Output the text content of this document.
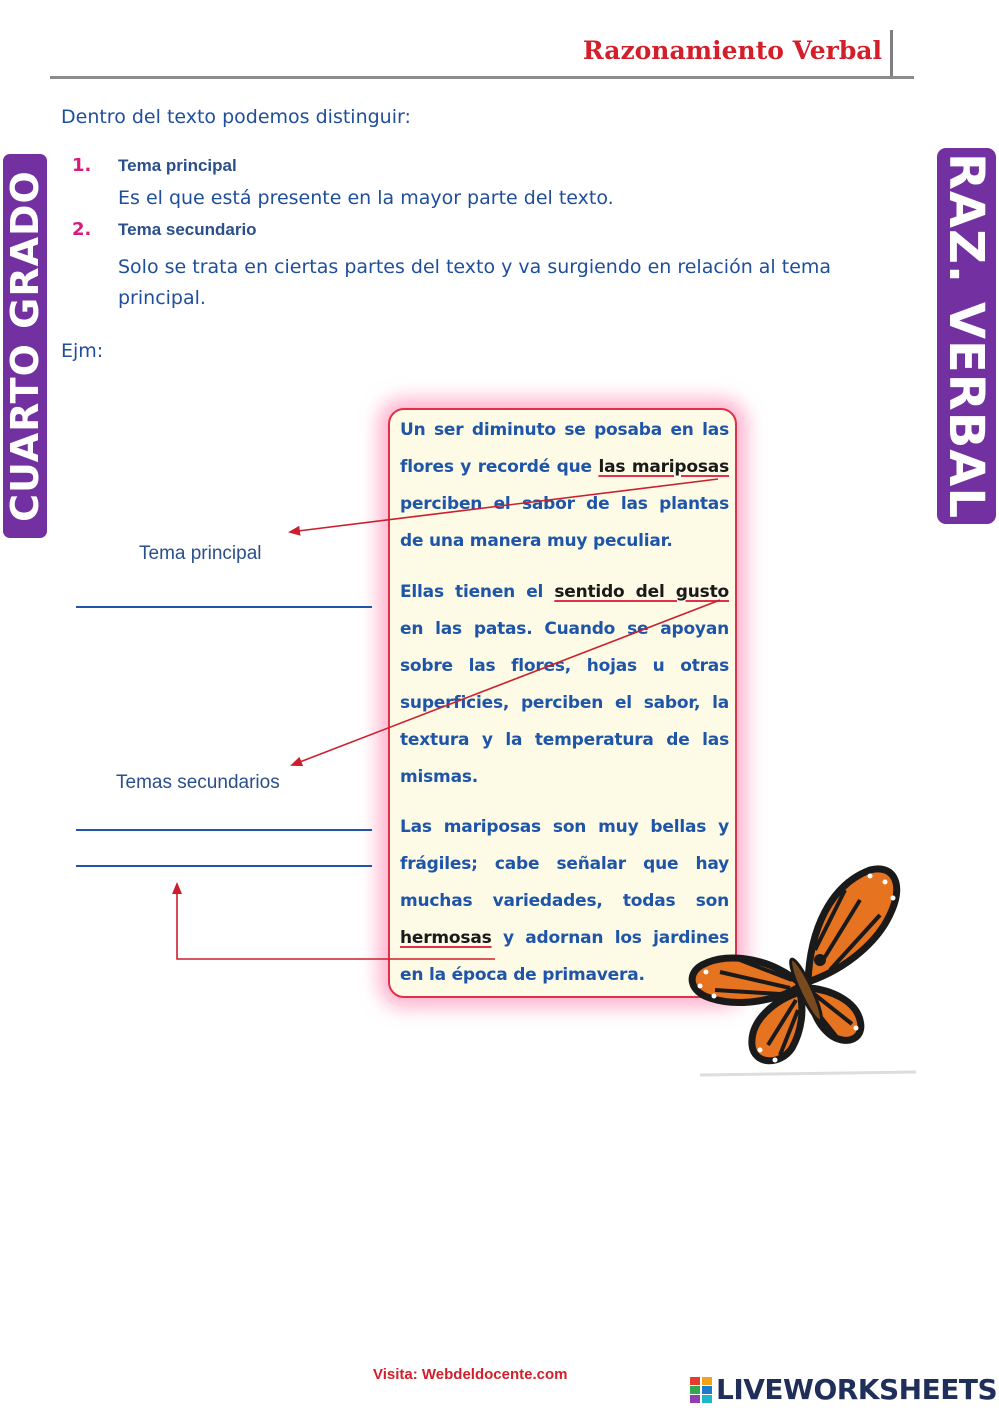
Razonamiento Verbal
CUARTO GRADO	RAZ. VERBAL
Dentro del texto podemos distinguir:
1. Tema principal
Es el que está presente en la mayor parte del texto.
2. Tema secundario
Solo se trata en ciertas partes del texto y va surgiendo en relación al tema
principal.
Ejm:
Un ser diminuto se posaba en las flores y recordé que las mariposas perciben el sabor de las plantas de una manera muy peculiar.
Ellas tienen el sentido del gusto en las patas. Cuando se apoyan sobre las flores, hojas u otras superficies, perciben el sabor, la textura y la temperatura de las mismas.
Las mariposas son muy bellas y frágiles; cabe señalar que hay muchas variedades, todas son hermosas y adornan los jardines en la época de primavera.
Tema principal
Temas secundarios
Visita: Webdeldocente.com	LIVEWORKSHEETS
